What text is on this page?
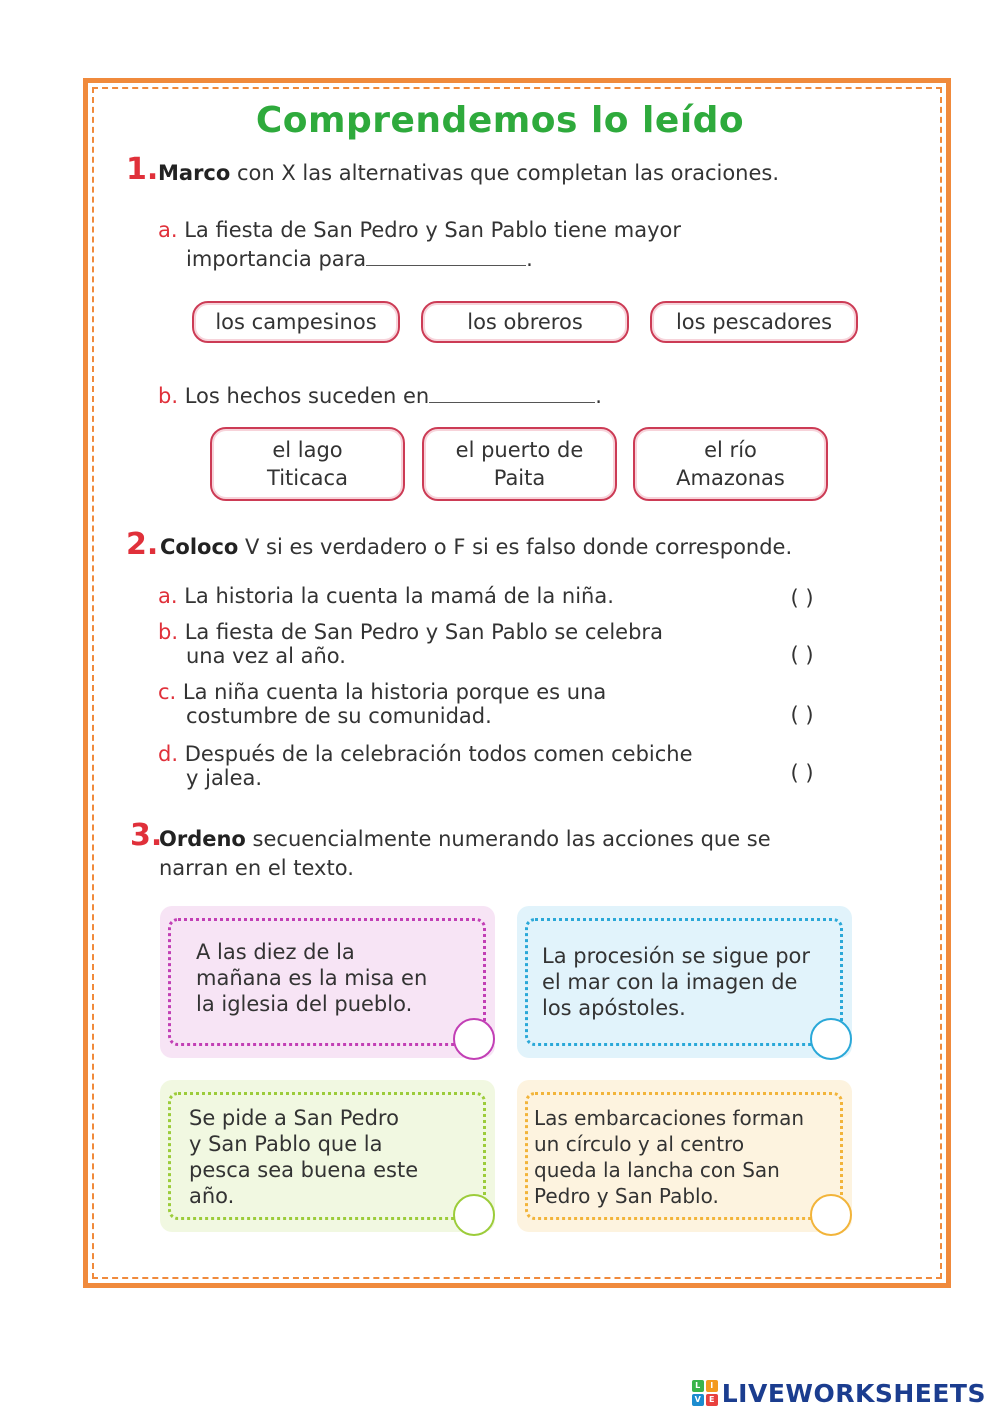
Comprendemos lo leído
1. Marco con X las alternativas que completan las oraciones.
a. La fiesta de San Pedro y San Pablo tiene mayor
importancia para	.
los campesinos	los obreros	los pescadores
b. Los hechos suceden en	.
el lago
Titicaca
el puerto de
Paita
el río
Amazonas
2. Coloco V si es verdadero o F si es falso donde corresponde.
a. La historia la cuenta la mamá de la niña.	( )
b. La fiesta de San Pedro y San Pablo se celebra
una vez al año.	( )
c. La niña cuenta la historia porque es una
costumbre de su comunidad.	( )
d. Después de la celebración todos comen cebiche
y jalea.	( )
3.
Ordeno secuencialmente numerando las acciones que se
narran en el texto.
A las diez de la
mañana es la misa en
la iglesia del pueblo.
La procesión se sigue por
el mar con la imagen de
los apóstoles.
Se pide a San Pedro
y San Pablo que la
pesca sea buena este
año.
Las embarcaciones forman
un círculo y al centro
queda la lancha con San
Pedro y San Pablo.
L	I
V	E LIVEWORKSHEETS
